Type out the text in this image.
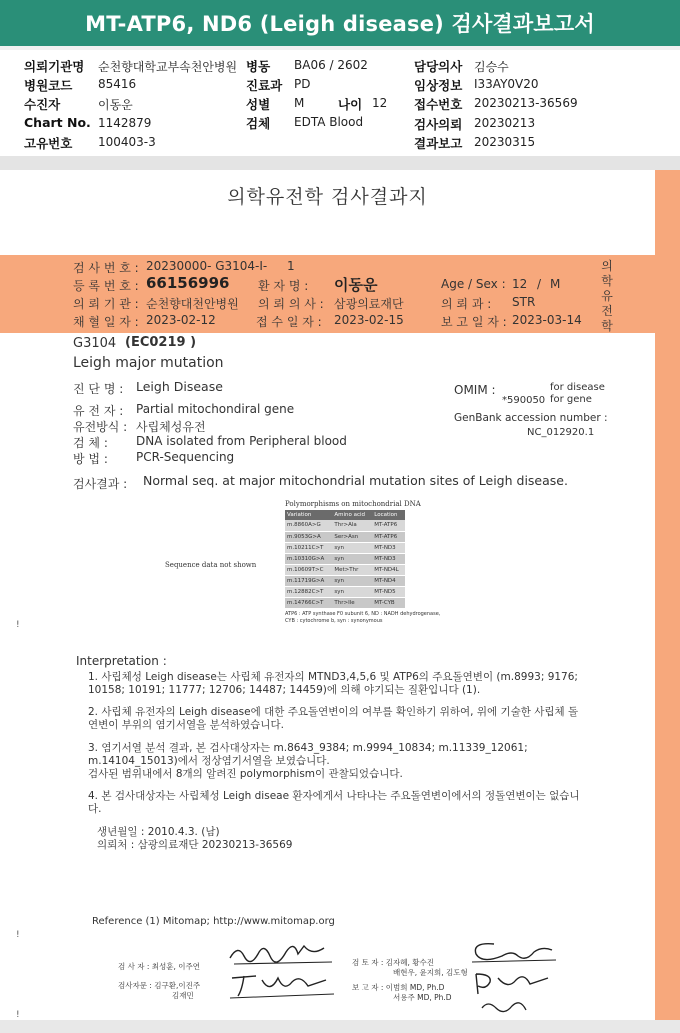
MT-ATP6, ND6 (Leigh disease) 검사결과보고서
의뢰기관명 순천향대학교부속천안병원 병동 BA06 / 2602	담당의사 김승수
병원코드 85416	진료과 PD	임상정보 I33AY0V20
수진자	이동운	성별 M	나이 12 접수번호 20230213-36569
Chart No. 1142879	검체 EDTA Blood	검사의뢰 20230213
고유번호 100403-3	결과보고 20230315
의학유전학 검사결과지
검 사 번 호 : 20230000- G3104-I- 1
등 록 번 호 : 66156996 환 자 명 : 이동운	Age / Sex : 12 / M
의 뢰 기 관 : 순천향대천안병원 의 뢰 의 사 : 삼광의료재단	의 뢰 과 : STR
채 혈 일 자 : 2023-02-12	접 수 일 자 : 2023-02-15	보 고 일 자 : 2023-03-14
의학유전학
G3104 (EC0219 )
Leigh major mutation
진 단 명 : Leigh Disease
유 전 자 : Partial mitochondiral gene
유전방식 : 사립체성유전
검 체 : DNA isolated from Peripheral blood
방 법 : PCR-Sequencing
OMIM :	for disease
*590050 for gene
GenBank accession number :
NC_012920.1
검사결과 : Normal seq. at major mitochondrial mutation sites of Leigh disease.
Sequence data not shown
Polymorphisms on mitochondrial DNA
Variation	Amino acid	Location
m.8860A>G	Thr>Ala	MT-ATP6
m.9053G>A	Ser>Asn	MT-ATP6
m.10211C>T	syn	MT-ND3
m.10310G>A	syn	MT-ND3
m.10609T>C	Met>Thr	MT-ND4L
m.11719G>A	syn	MT-ND4
m.12882C>T	syn	MT-ND5
m.14766C>T	Thr>Ile	MT-CYB
ATP6 : ATP synthase F0 subunit 6, ND : NADH dehydrogenase, CYB : cytochrome b, syn : synonymous
!
Interpretation :

1. 사립체성 Leigh disease는 사립체 유전자의 MTND3,4,5,6 및 ATP6의 주요돌연변이 (m.8993; 9176;

10158; 10191; 11777; 12706; 14487; 14459)에 의해 야기되는 질환입니다 (1).

2. 사립체 유전자의 Leigh disease에 대한 주요돌연변이의 여부를 확인하기 위하여, 위에 기술한 사립체 돌

연변이 부위의 염기서열을 분석하였습니다.

3. 염기서열 분석 결과, 본 검사대상자는 m.8643_9384; m.9994_10834; m.11339_12061;

m.14104_15013)에서 정상염기서열을 보였습니다.

검사된 범위내에서 8개의 알려진 polymorphism이 관찰되었습니다.

4. 본 검사대상자는 사립체성 Leigh diseae 환자에게서 나타나는 주요돌연변이에서의 정돌연변이는 없습니

다.

생년월일 : 2010.4.3. (남)

의뢰처 : 삼광의료재단 20230213-36569

Reference (1) Mitomap; http://www.mitomap.org
!
!
검 사 자 : 최성훈, 이주연
검사자문 : 김구환,이진주
김재민
검 토 자 : 김자혜, 황수진
배현우, 윤지희, 김도형
보 고 자 : 이범희 MD, Ph.D
서용주 MD, Ph.D
